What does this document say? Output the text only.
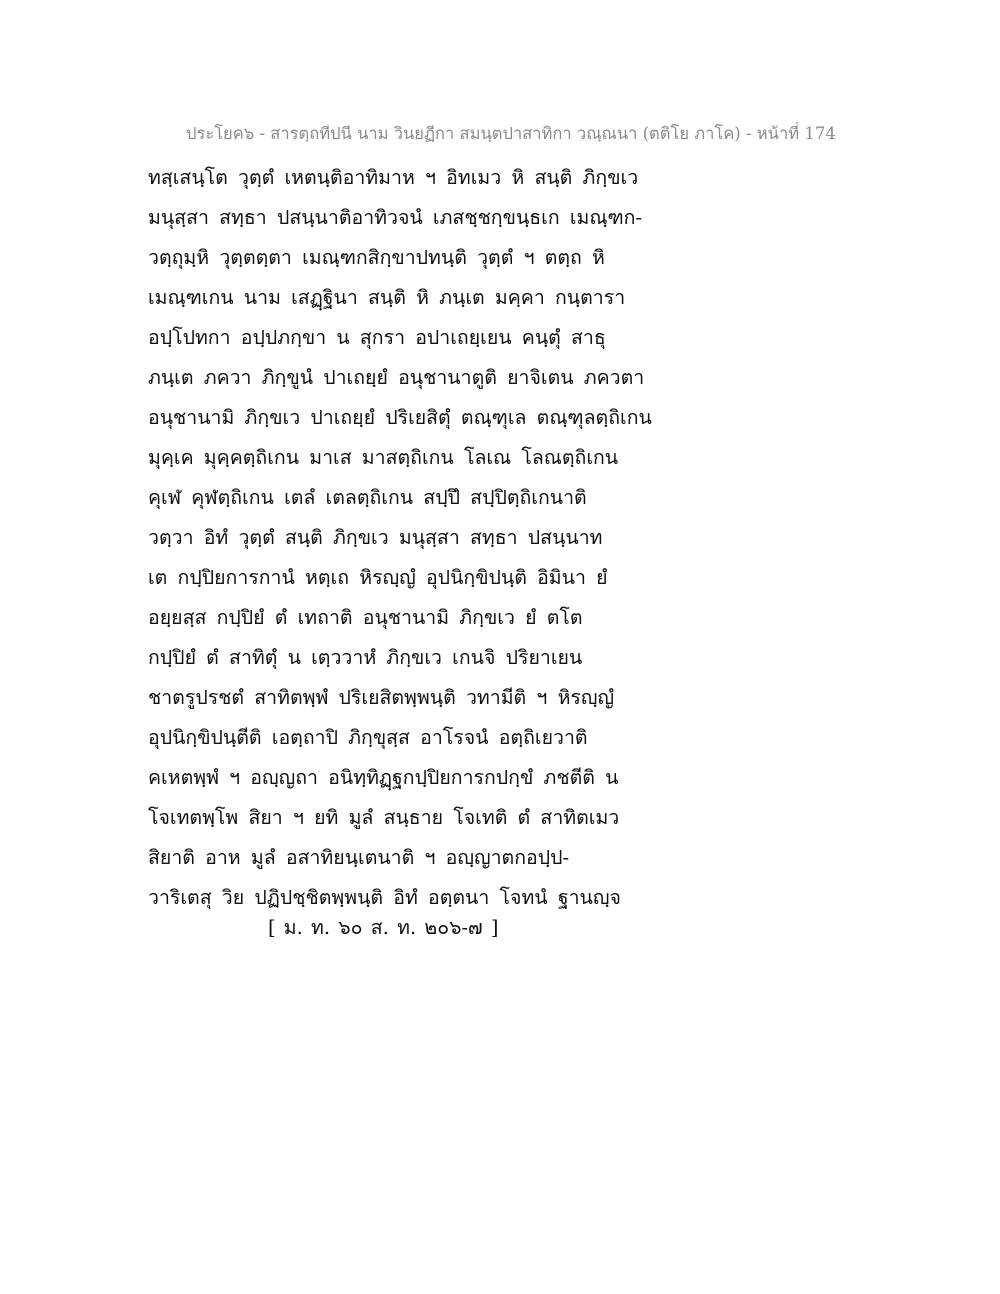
ประโยค๖ - สารตฺถทีปนี นาม วินยฏีกา สมนฺตปาสาทิกา วณฺณนา (ตติโย ภาโค) - หน้าที่ 174
ทสฺเสนฺโต วุตฺตํ เหตนฺติอาทิมาห ฯ อิทเมว หิ สนฺติ ภิกฺขเว
มนุสฺสา สทฺธา ปสนฺนาติอาทิวจนํ เภสชฺชกฺขนฺธเก เมณฺฑก-
วตฺถุมฺหิ วุตฺตตฺตา เมณฺฑกสิกฺขาปทนฺติ วุตฺตํ ฯ ตตฺถ หิ
เมณฺฑเกน นาม เสฏฺฐินา สนฺติ หิ ภนฺเต มคฺคา กนฺตารา
อปฺโปทกา อปฺปภกฺขา น สุกรา อปาเถยฺเยน คนฺตุํ สาธุ
ภนฺเต ภควา ภิกฺขูนํ ปาเถยฺยํ อนุชานาตูติ ยาจิเตน ภควตา
อนุชานามิ ภิกฺขเว ปาเถยฺยํ ปริเยสิตุํ ตณฺฑุเล ตณฺฑุลตฺถิเกน
มุคฺเค มุคฺคตฺถิเกน มาเส มาสตฺถิเกน โลเณ โลณตฺถิเกน
คุเฬ คุฬตฺถิเกน เตลํ เตลตฺถิเกน สปฺปึ สปฺปิตฺถิเกนาติ
วตฺวา อิทํ วุตฺตํ สนฺติ ภิกฺขเว มนุสฺสา สทฺธา ปสนฺนาท
เต กปฺปิยการกานํ หตฺเถ หิรญฺญํ อุปนิกฺขิปนฺติ อิมินา ยํ
อยฺยสฺส กปฺปิยํ ตํ เทถาติ อนุชานามิ ภิกฺขเว ยํ ตโต
กปฺปิยํ ตํ สาทิตุํ น เตฺววาหํ ภิกฺขเว เกนจิ ปริยาเยน
ชาตรูปรชตํ สาทิตพฺพํ ปริเยสิตพฺพนฺติ วทามีติ ฯ หิรญฺญํ
อุปนิกฺขิปนฺตีติ เอตฺถาปิ ภิกฺขุสฺส อาโรจนํ อตฺถิเยวาติ
คเหตพฺพํ ฯ อญฺญถา อนิทฺทิฏฺฐกปฺปิยการกปกฺขํ ภชตีติ น
โจเทตพฺโพ สิยา ฯ ยทิ มูลํ สนฺธาย โจเทติ ตํ สาทิตเมว
สิยาติ อาห มูลํ อสาทิยนฺเตนาติ ฯ อญฺญาตกอปฺป-
วาริเตสุ วิย ปฏิปชฺชิตพฺพนฺติ อิทํ อตฺตนา โจทนํ ฐานญฺจ
[ ม. ท. ๖๐ ส. ท. ๒๐๖-๗ ]
